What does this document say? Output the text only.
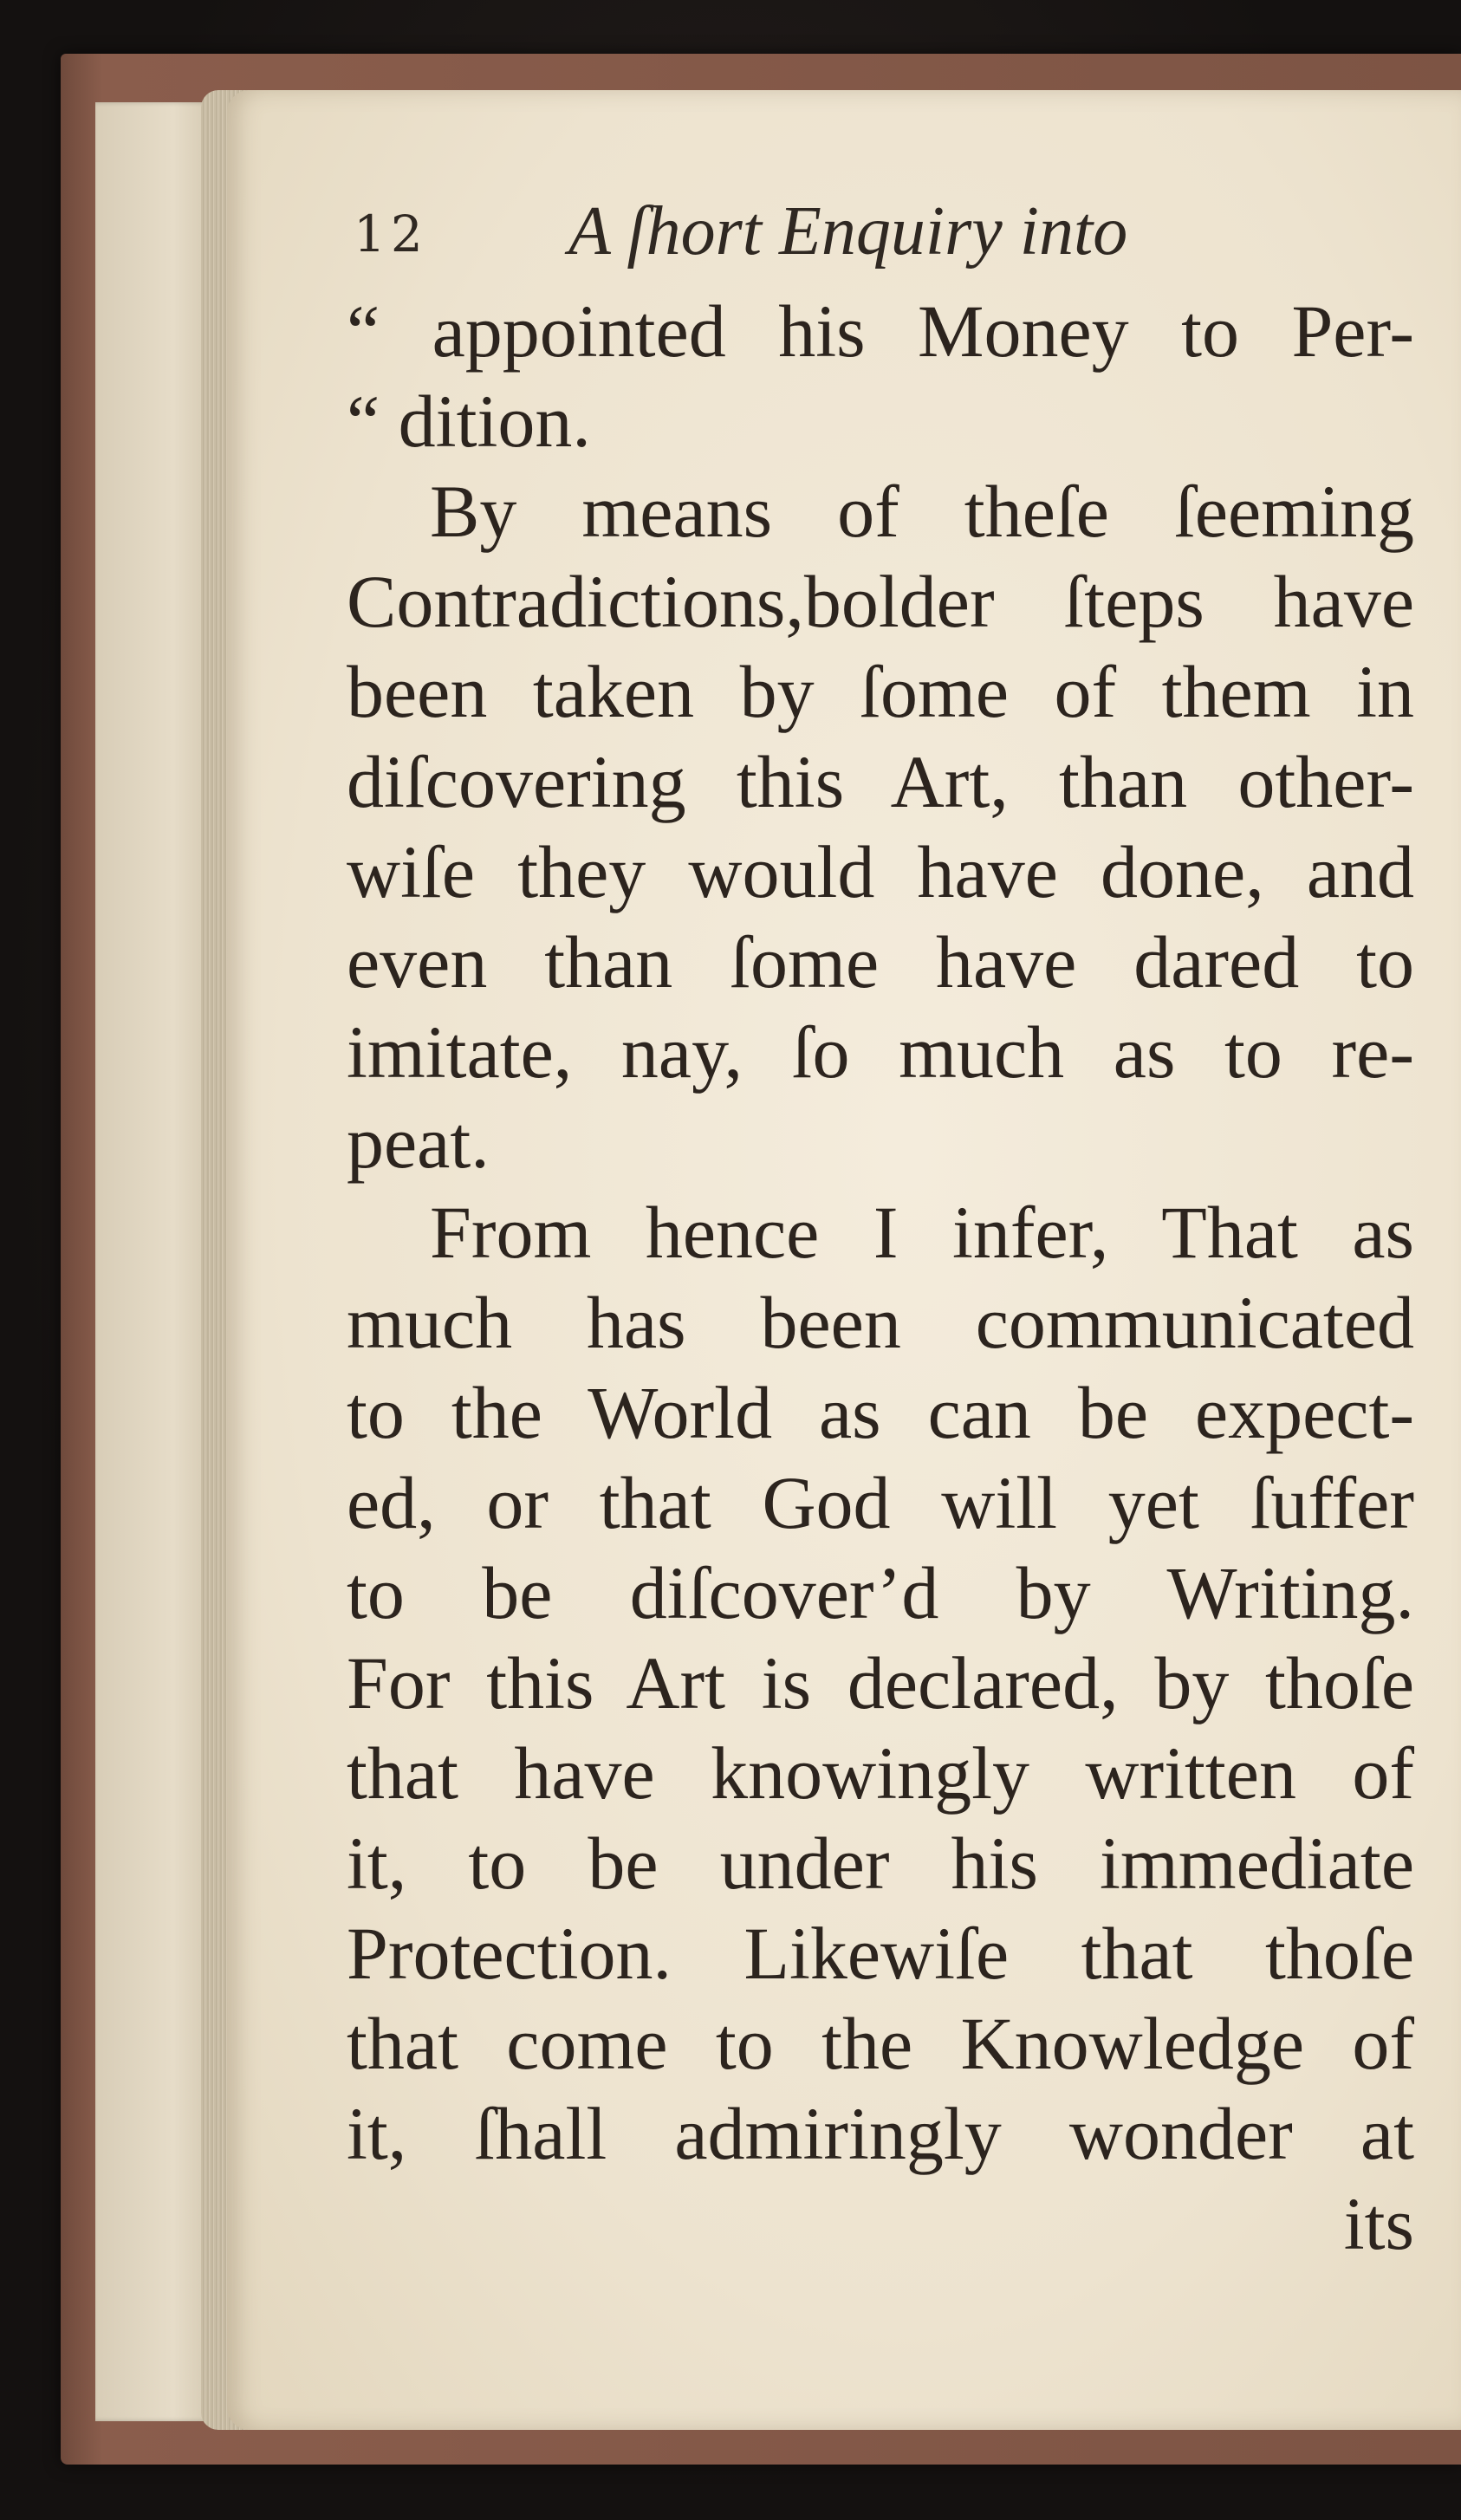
12 A ſhort Enquiry into
“ appointed his Money to Per-
“ dition.
By means of theſe ſeeming
Contradictions,bolder ſteps have
been taken by ſome of them in
diſcovering this Art, than other-
wiſe they would have done, and
even than ſome have dared to
imitate, nay, ſo much as to re-
peat.
From hence I infer, That as
much has been communicated
to the World as can be expect-
ed, or that God will yet ſuffer
to be diſcover’d by Writing.
For this Art is declared, by thoſe
that have knowingly written of
it, to be under his immediate
Protection. Likewiſe that thoſe
that come to the Knowledge of
it, ſhall admiringly wonder at
its
